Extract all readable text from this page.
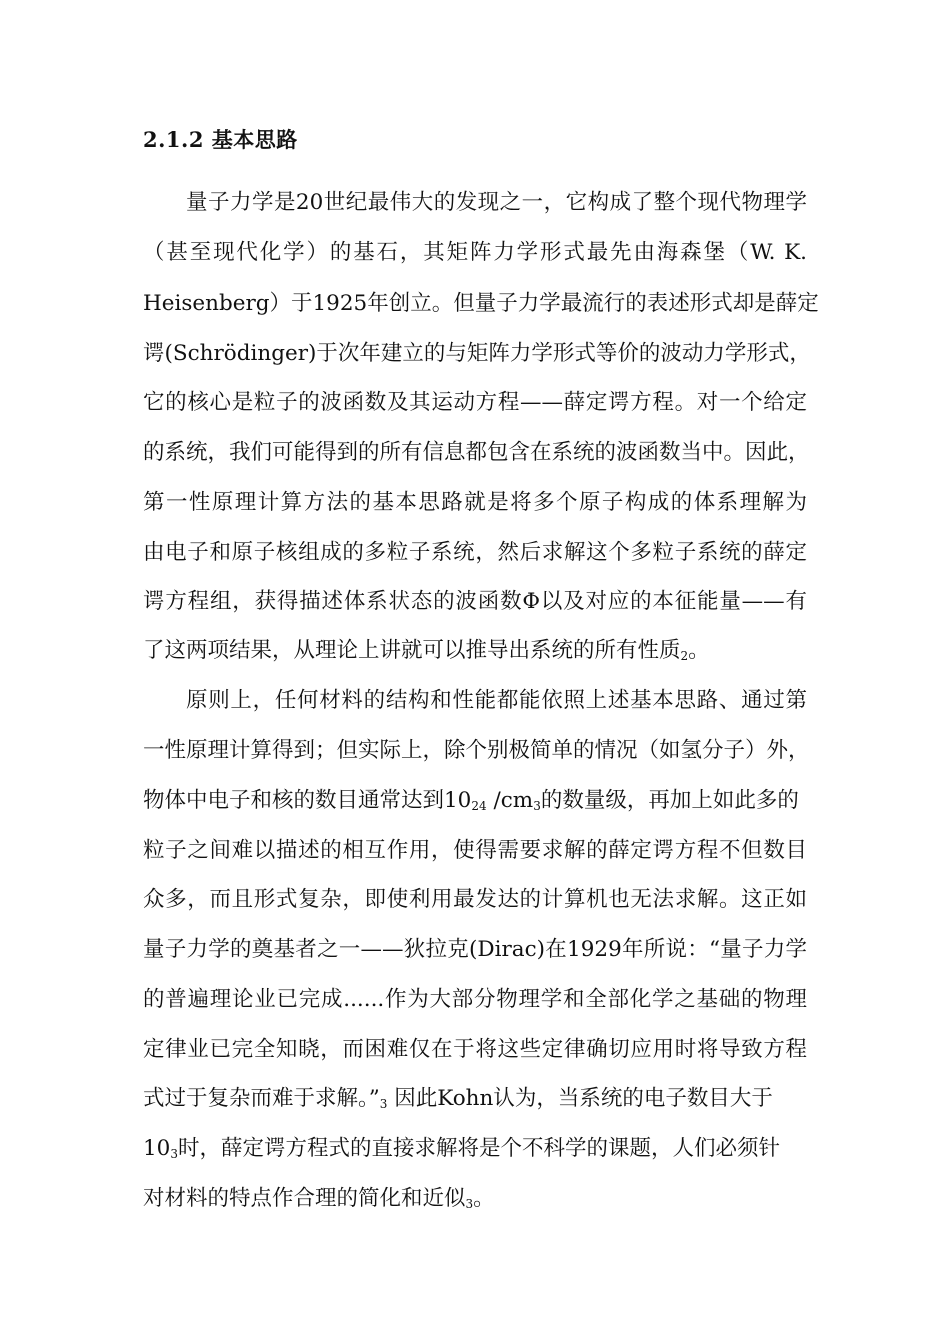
2.1.2 基本思路
量子力学是20世纪最伟大的发现之一，它构成了整个现代物理学
（甚至现代化学）的基石，其矩阵力学形式最先由海森堡（W. K.
Heisenberg）于1925年创立。但量子力学最流行的表述形式却是薛定
谔(Schrödinger)于次年建立的与矩阵力学形式等价的波动力学形式，
它的核心是粒子的波函数及其运动方程——薛定谔方程。对一个给定
的系统，我们可能得到的所有信息都包含在系统的波函数当中。因此，
第一性原理计算方法的基本思路就是将多个原子构成的体系理解为
由电子和原子核组成的多粒子系统，然后求解这个多粒子系统的薛定
谔方程组，获得描述体系状态的波函数Φ以及对应的本征能量——有
了这两项结果，从理论上讲就可以推导出系统的所有性质$_2$。
原则上，任何材料的结构和性能都能依照上述基本思路、通过第
一性原理计算得到；但实际上，除个别极简单的情况（如氢分子）外，
物体中电子和核的数目通常达到$10_{24}$ $/cm_3$的数量级，再加上如此多的
粒子之间难以描述的相互作用，使得需要求解的薛定谔方程不但数目
众多，而且形式复杂，即使利用最发达的计算机也无法求解。这正如
量子力学的奠基者之一——狄拉克(Dirac)在1929年所说：“量子力学
的普遍理论业已完成......作为大部分物理学和全部化学之基础的物理
定律业已完全知晓，而困难仅在于将这些定律确切应用时将导致方程
式过于复杂而难于求解。$”_3$ 因此Kohn认为，当系统的电子数目大于
$10_3$时，薛定谔方程式的直接求解将是个不科学的课题，人们必须针
对材料的特点作合理的简化和近似$_3$。
